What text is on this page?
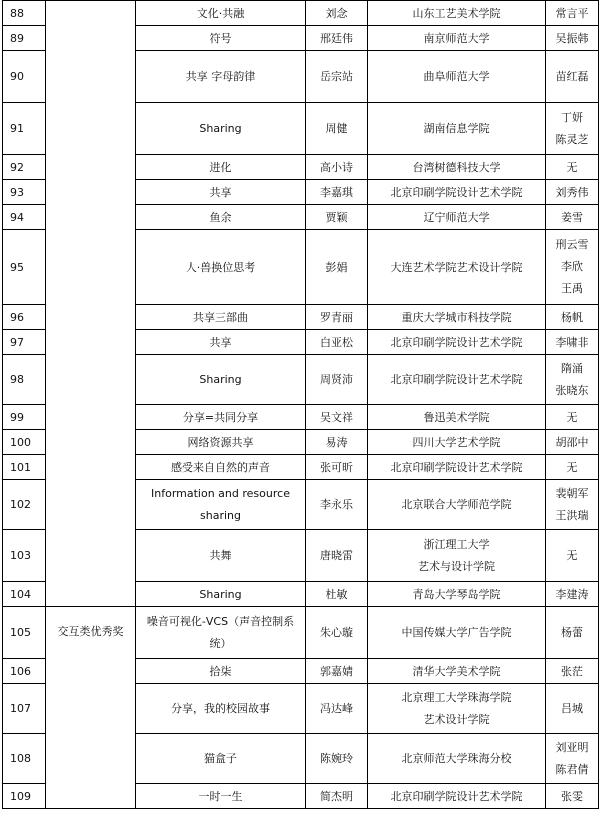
88		文化·共融	刘念	山东工艺美术学院	常言平
89		符号	邢廷伟	南京师范大学	吴振韩
90		共享 字母韵律	岳宗站	曲阜师范大学	苗红磊
91		Sharing	周健	湖南信息学院	丁妍
陈灵芝

92		进化	高小诗	台湾树德科技大学	无
93		共享	李嘉琪	北京印刷学院设计艺术学院	刘秀伟
94		鱼余	贾颖	辽宁师范大学	姜雪
95		人·兽换位思考	彭娟	大连艺术学院艺术设计学院	刑云雪
李欣
王禹

96		共享三部曲	罗青丽	重庆大学城市科技学院	杨帆
97		共享	白亚松	北京印刷学院设计艺术学院	李啸非
98		Sharing	周贤沛	北京印刷学院设计艺术学院	隋涌
张晓东

99		分享=共同分享	吴文祥	鲁迅美术学院	无
100		网络资源共享	易涛	四川大学艺术学院	胡邵中
101		感受来自自然的声音	张可昕	北京印刷学院设计艺术学院	无
102		Information and resource
sharing	李永乐	北京联合大学师范学院	裴朝军
王洪瑞

103		共舞	唐晓雷	浙江理工大学
艺术与设计学院	无
104		Sharing	杜敏	青岛大学琴岛学院	李建涛
105	交互类优秀奖	噪音可视化-VCS（声音控制系
统）	朱心璇	中国传媒大学广告学院	杨蕾
106		拾柒	郭嘉婧	清华大学美术学院	张茫
107		分享，我的校园故事	冯达峰	北京理工大学珠海学院
艺术设计学院	吕城
108		猫盒子	陈婉玲	北京师范大学珠海分校	刘亚明
陈君倩

109		一时一生	简杰明	北京印刷学院设计艺术学院	张雯
